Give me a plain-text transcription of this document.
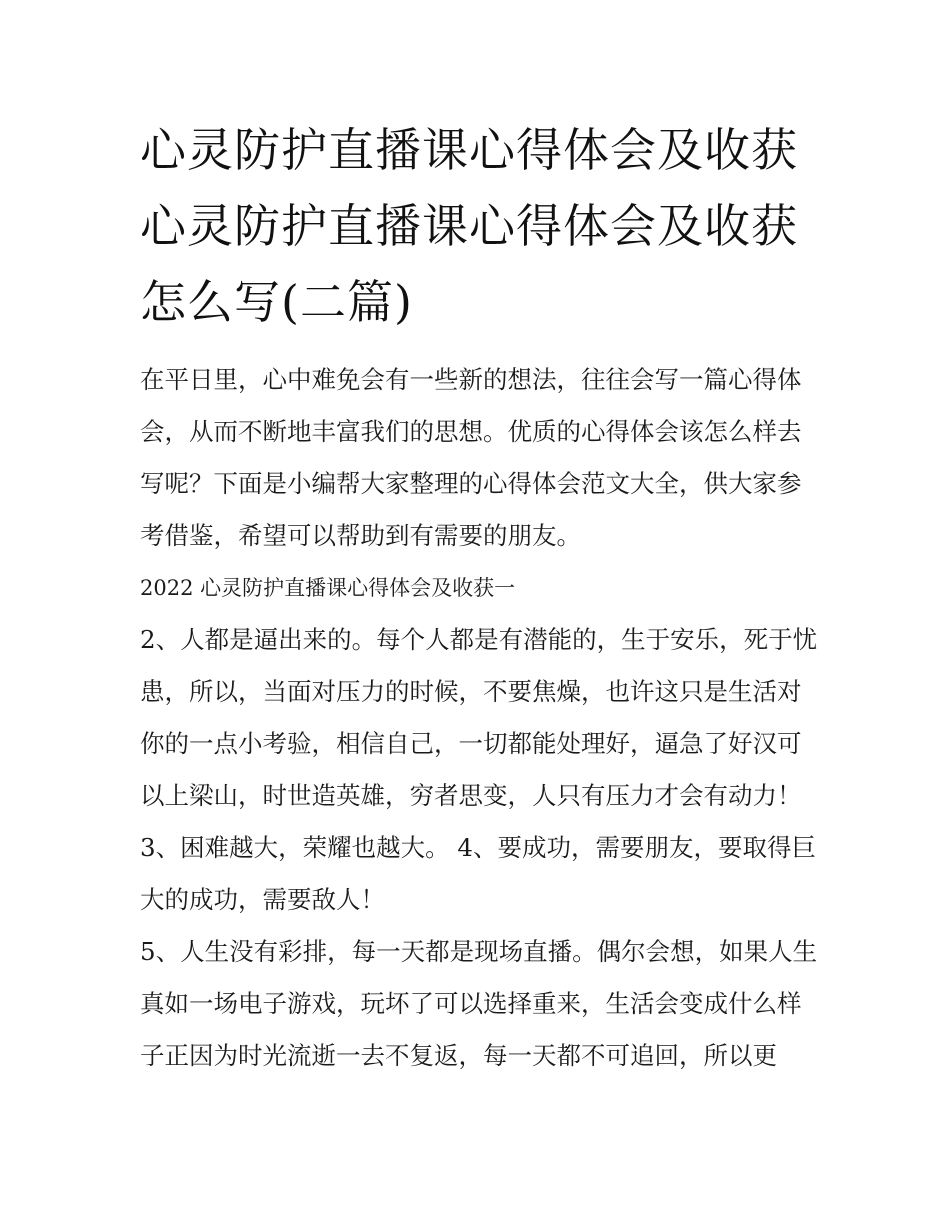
心灵防护直播课心得体会及收获 心灵防护直播课心得体会及收获怎么写(二篇)

在平日里，心中难免会有一些新的想法，往往会写一篇心得体会，从而不断地丰富我们的思想。优质的心得体会该怎么样去写呢？下面是小编帮大家整理的心得体会范文大全，供大家参考借鉴，希望可以帮助到有需要的朋友。

2022 心灵防护直播课心得体会及收获一

2、人都是逼出来的。每个人都是有潜能的，生于安乐，死于忧患，所以，当面对压力的时候，不要焦燥，也许这只是生活对你的一点小考验，相信自己，一切都能处理好，逼急了好汉可以上梁山，时世造英雄，穷者思变，人只有压力才会有动力！

3、困难越大，荣耀也越大。 4、要成功，需要朋友，要取得巨大的成功，需要敌人！

5、人生没有彩排，每一天都是现场直播。偶尔会想，如果人生真如一场电子游戏，玩坏了可以选择重来，生活会变成什么样子正因为时光流逝一去不复返，每一天都不可追回，所以更
